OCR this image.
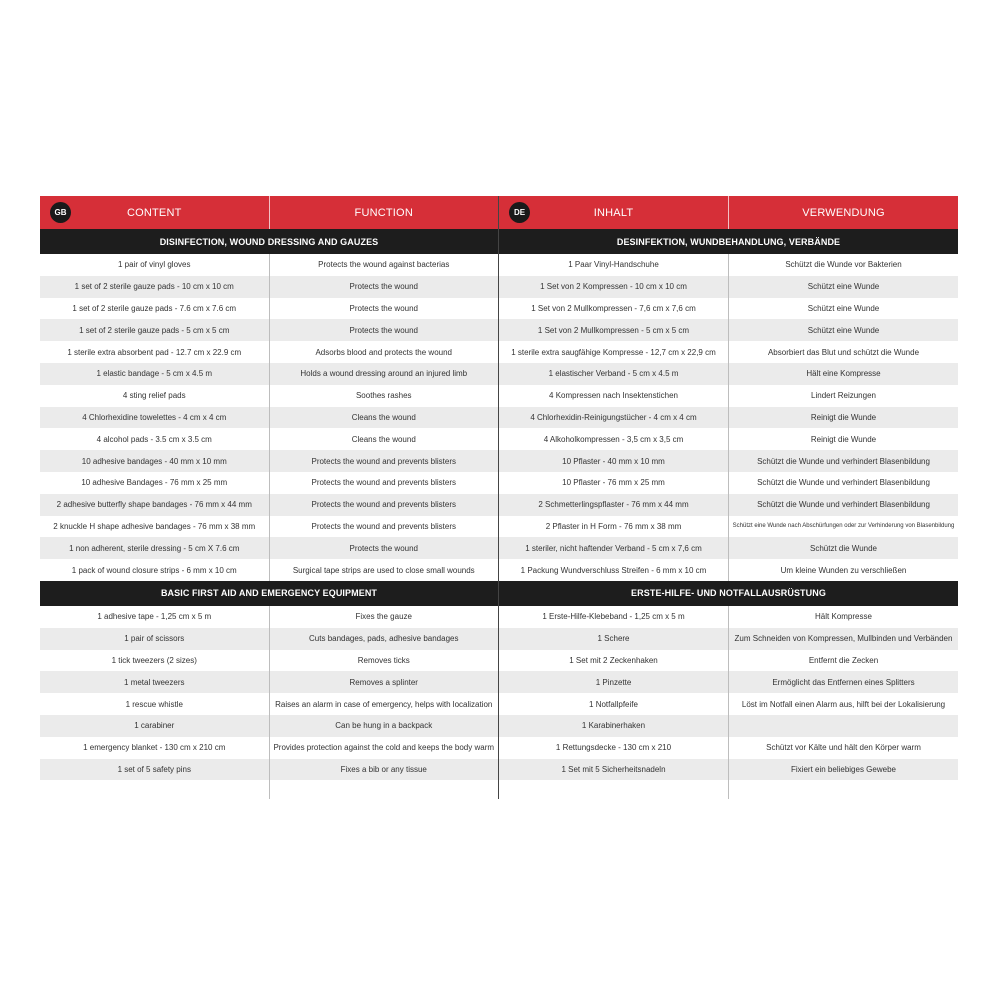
GB	CONTENT	FUNCTION
DISINFECTION, WOUND DRESSING AND GAUZES
1 pair of vinyl gloves	Protects the wound against bacterias
1 set of 2 sterile gauze pads - 10 cm x 10 cm	Protects the wound
1 set of 2 sterile gauze pads - 7.6 cm x 7.6 cm	Protects the wound
1 set of 2 sterile gauze pads - 5 cm x 5 cm	Protects the wound
1 sterile extra absorbent pad - 12.7 cm x 22.9 cm	Adsorbs blood and protects the wound
1 elastic bandage - 5 cm x 4.5 m	Holds a wound dressing around an injured limb
4 sting relief pads	Soothes rashes
4 Chlorhexidine towelettes - 4 cm x 4 cm	Cleans the wound
4 alcohol pads - 3.5 cm x 3.5 cm	Cleans the wound
10 adhesive bandages - 40 mm x 10 mm	Protects the wound and prevents blisters
10 adhesive Bandages - 76 mm x 25 mm	Protects the wound and prevents blisters
2 adhesive butterfly shape bandages - 76 mm x 44 mm	Protects the wound and prevents blisters
2 knuckle H shape adhesive bandages - 76 mm x 38 mm	Protects the wound and prevents blisters
1 non adherent, sterile dressing - 5 cm X 7.6 cm	Protects the wound
1 pack of wound closure strips - 6 mm x 10 cm	Surgical tape strips are used to close small wounds
BASIC FIRST AID AND EMERGENCY EQUIPMENT
1 adhesive tape - 1,25 cm x 5 m	Fixes the gauze
1 pair of scissors	Cuts bandages, pads, adhesive bandages
1 tick tweezers (2 sizes)	Removes ticks
1 metal tweezers	Removes a splinter
1 rescue whistle	Raises an alarm in case of emergency, helps with localization
1 carabiner	Can be hung in a backpack
1 emergency blanket - 130 cm x 210 cm	Provides protection against the cold and keeps the body warm
1 set of 5 safety pins	Fixes a bib or any tissue
DE	INHALT	VERWENDUNG
DESINFEKTION, WUNDBEHANDLUNG, VERBÄNDE
1 Paar Vinyl-Handschuhe	Schützt die Wunde vor Bakterien
1 Set von 2 Kompressen - 10 cm x 10 cm	Schützt eine Wunde
1 Set von 2 Mullkompressen - 7,6 cm x 7,6 cm	Schützt eine Wunde
1 Set von 2 Mullkompressen - 5 cm x 5 cm	Schützt eine Wunde
1 sterile extra saugfähige Kompresse - 12,7 cm x 22,9 cm	Absorbiert das Blut und schützt die Wunde
1 elastischer Verband - 5 cm x 4.5 m	Hält eine Kompresse
4 Kompressen nach Insektenstichen	Lindert Reizungen
4 Chlorhexidin-Reinigungstücher - 4 cm x 4 cm	Reinigt die Wunde
4 Alkoholkompressen - 3,5 cm x 3,5 cm	Reinigt die Wunde
10 Pflaster - 40 mm x 10 mm	Schützt die Wunde und verhindert Blasenbildung
10 Pflaster - 76 mm x 25 mm	Schützt die Wunde und verhindert Blasenbildung
2 Schmetterlingspflaster - 76 mm x 44 mm	Schützt die Wunde und verhindert Blasenbildung
2 Pflaster in H Form - 76 mm x 38 mm	Schützt eine Wunde nach Abschürfungen oder zur Verhinderung von Blasenbildung
1 steriler, nicht haftender Verband - 5 cm x 7,6 cm	Schützt die Wunde
1 Packung Wundverschluss Streifen - 6 mm x 10 cm	Um kleine Wunden zu verschließen
ERSTE-HILFE- UND NOTFALLAUSRÜSTUNG
1 Erste-Hilfe-Klebeband - 1,25 cm x 5 m	Hält Kompresse
1 Schere	Zum Schneiden von Kompressen, Mullbinden und Verbänden
1 Set mit 2 Zeckenhaken	Entfernt die Zecken
1 Pinzette	Ermöglicht das Entfernen eines Splitters
1 Notfallpfeife	Löst im Notfall einen Alarm aus, hilft bei der Lokalisierung
1 Karabinerhaken
1 Rettungsdecke - 130 cm x 210	Schützt vor Kälte und hält den Körper warm
1 Set mit 5 Sicherheitsnadeln	Fixiert ein beliebiges Gewebe
